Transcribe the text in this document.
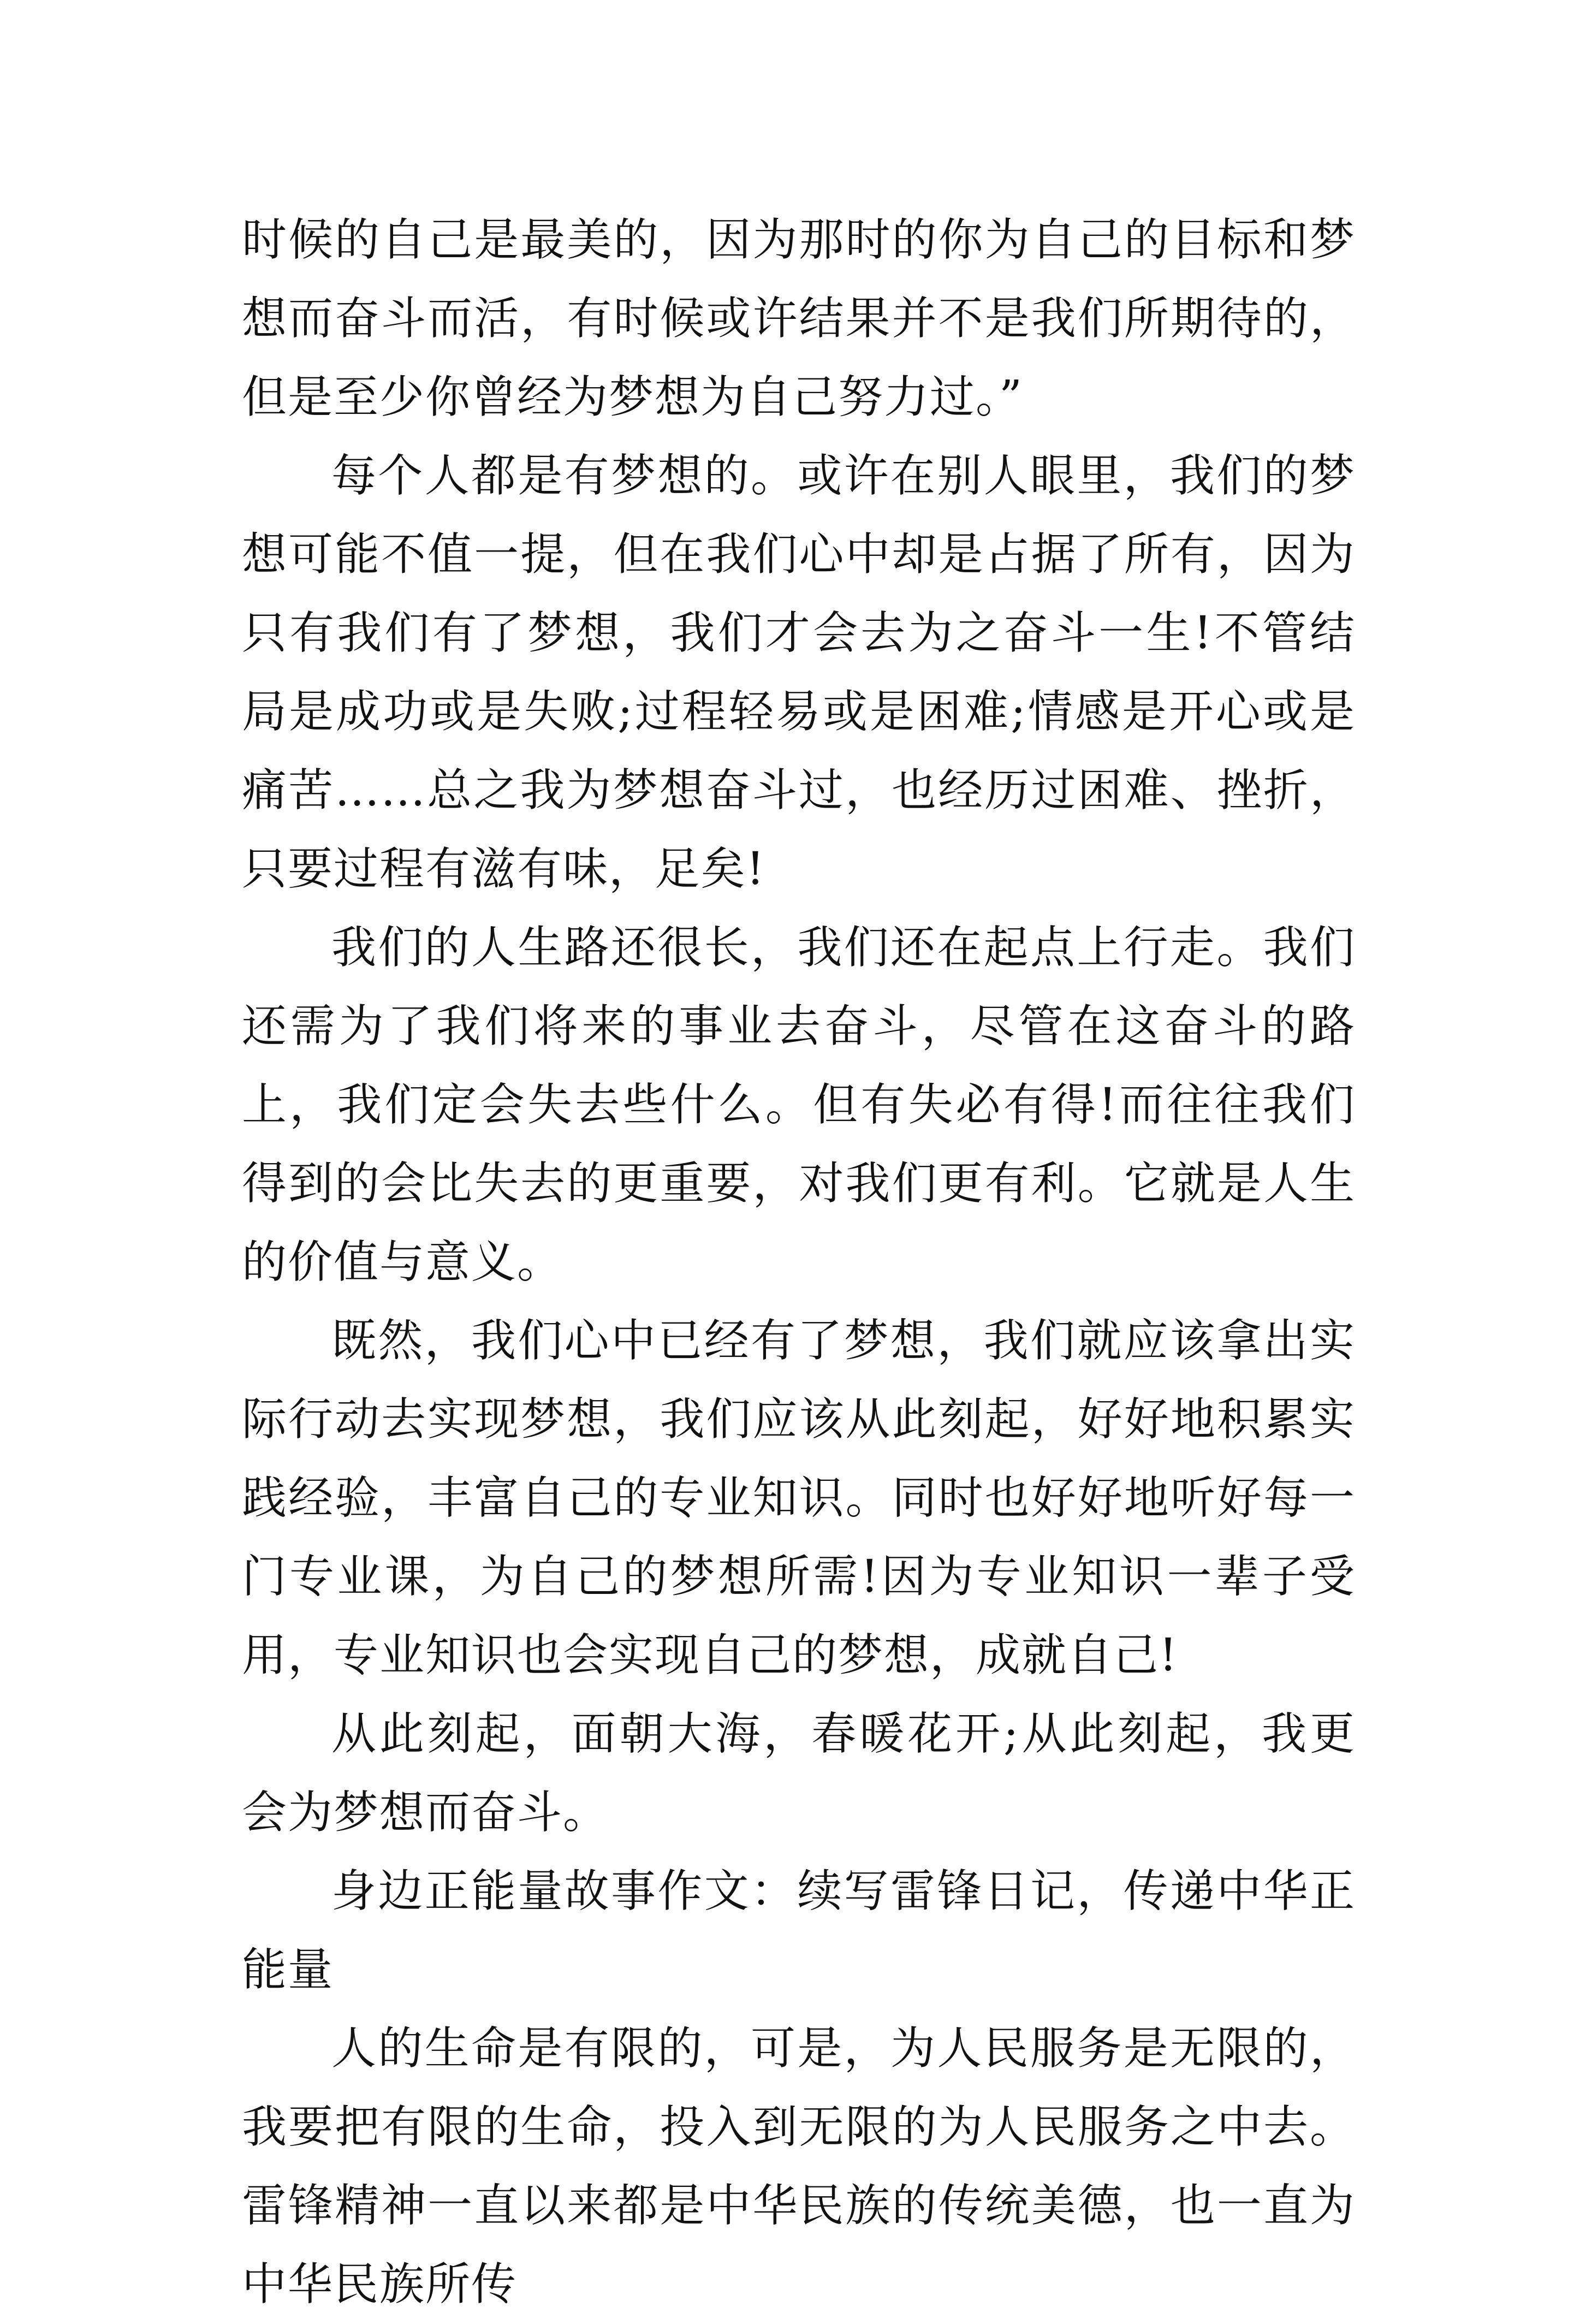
时候的自己是最美的，因为那时的你为自己的目标和梦想而奋斗而活，有时候或许结果并不是我们所期待的，但是至少你曾经为梦想为自己努力过。”

每个人都是有梦想的。或许在别人眼里，我们的梦想可能不值一提，但在我们心中却是占据了所有，因为只有我们有了梦想，我们才会去为之奋斗一生!不管结局是成功或是失败;过程轻易或是困难;情感是开心或是痛苦……总之我为梦想奋斗过，也经历过困难、挫折，只要过程有滋有味，足矣!

我们的人生路还很长，我们还在起点上行走。我们还需为了我们将来的事业去奋斗，尽管在这奋斗的路上，我们定会失去些什么。但有失必有得!而往往我们得到的会比失去的更重要，对我们更有利。它就是人生的价值与意义。

既然，我们心中已经有了梦想，我们就应该拿出实际行动去实现梦想，我们应该从此刻起，好好地积累实践经验，丰富自己的专业知识。同时也好好地听好每一门专业课，为自己的梦想所需!因为专业知识一辈子受用，专业知识也会实现自己的梦想，成就自己!

从此刻起，面朝大海，春暖花开;从此刻起，我更会为梦想而奋斗。

身边正能量故事作文：续写雷锋日记，传递中华正能量

人的生命是有限的，可是，为人民服务是无限的，我要把有限的生命，投入到无限的为人民服务之中去。雷锋精神一直以来都是中华民族的传统美德，也一直为中华民族所传
